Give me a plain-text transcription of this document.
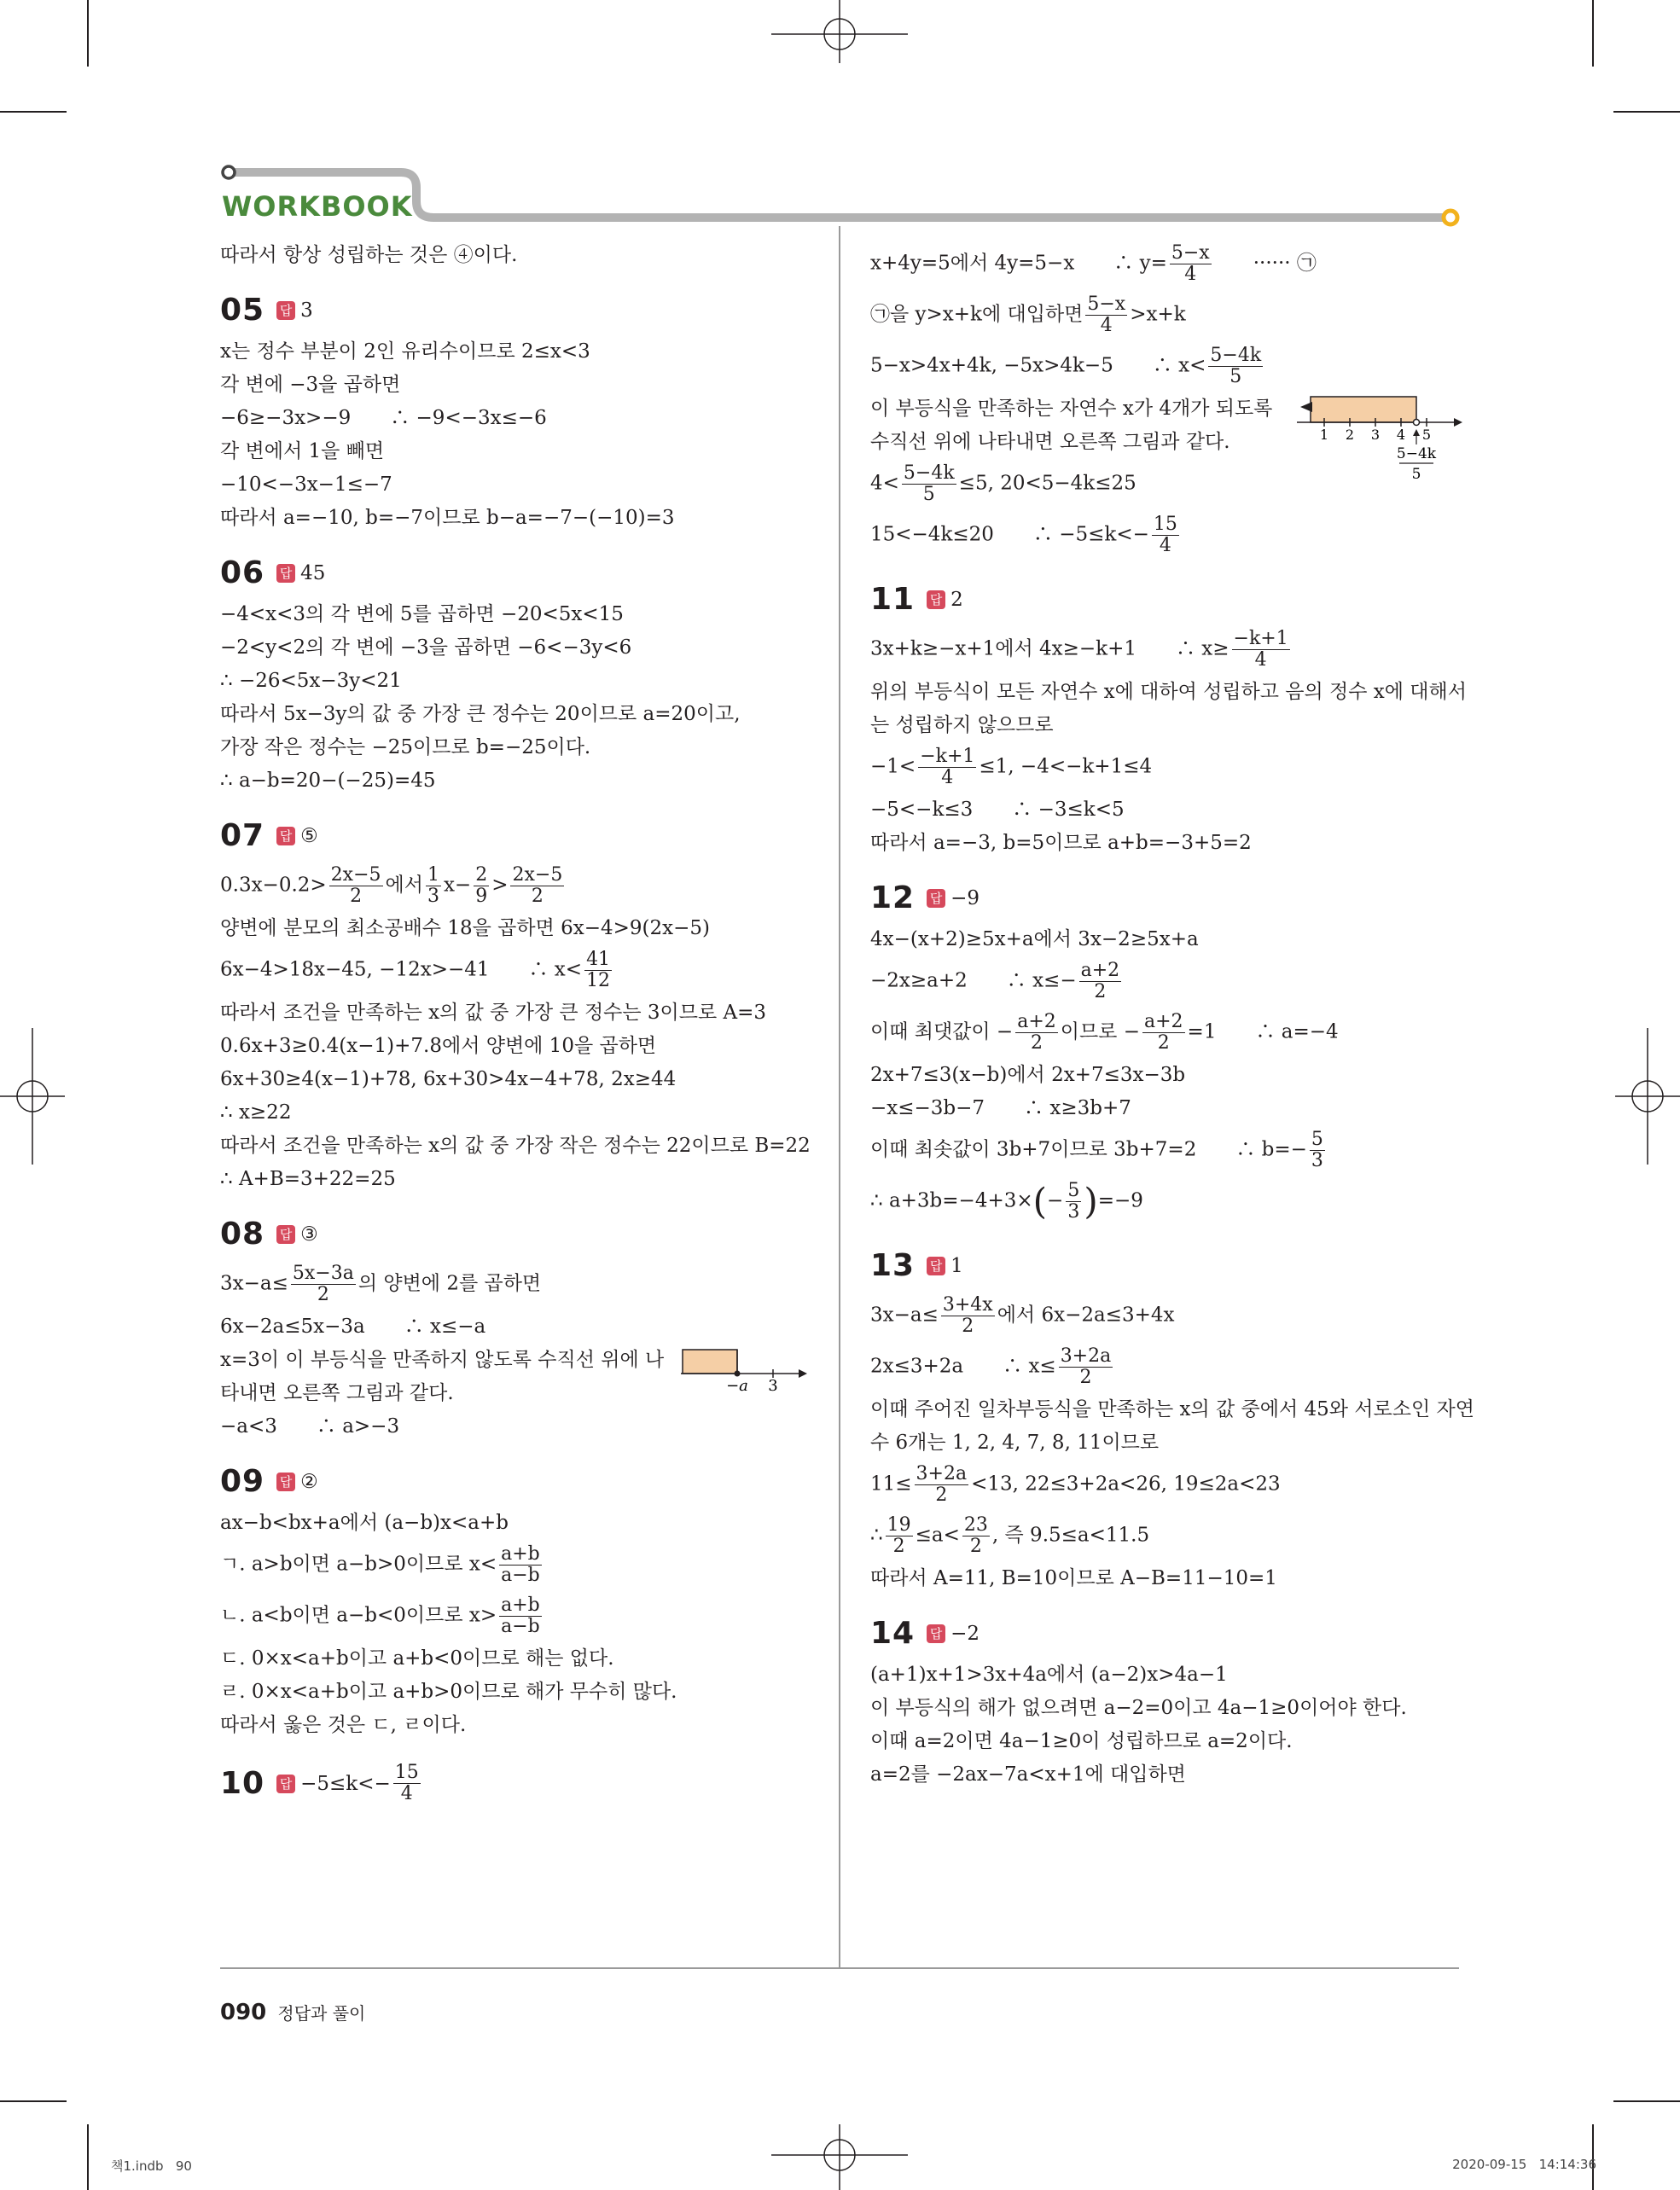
WORKBOOK
따라서 항상 성립하는 것은 ④이다.
05 답 3
x는 정수 부분이 2인 유리수이므로 2≤x<3
각 변에 −3을 곱하면
−6≥−3x>−9　　∴ −9<−3x≤−6
각 변에서 1을 빼면
−10<−3x−1≤−7
따라서 a=−10, b=−7이므로 b−a=−7−(−10)=3
06 답 45
−4<x<3의 각 변에 5를 곱하면 −20<5x<15
−2<y<2의 각 변에 −3을 곱하면 −6<−3y<6
∴ −26<5x−3y<21
따라서 5x−3y의 값 중 가장 큰 정수는 20이므로 a=20이고,
가장 작은 정수는 −25이므로 b=−25이다.
∴ a−b=20−(−25)=45
07 답 ⑤
$0.3x-0.2> \frac{2x-5}{2}$ 에서 $\frac{1}{3} x- \frac{2}{9} > \frac{2x-5}{2}$
양변에 분모의 최소공배수 18을 곱하면 6x−4>9(2x−5)
6x−4>18x−45, −12x>−41　　∴ $x< \frac{41}{12}$
따라서 조건을 만족하는 x의 값 중 가장 큰 정수는 3이므로 A=3
0.6x+3≥0.4(x−1)+7.8에서 양변에 10을 곱하면
6x+30≥4(x−1)+78, 6x+30>4x−4+78, 2x≥44
∴ x≥22
따라서 조건을 만족하는 x의 값 중 가장 작은 정수는 22이므로 B=22
∴ A+B=3+22=25
08 답 ③
$3x-a\le \frac{5x-3a}{2}$ 의 양변에 2를 곱하면
6x−2a≤5x−3a　　∴ x≤−a
x=3이 이 부등식을 만족하지 않도록 수직선 위에 나
타내면 오른쪽 그림과 같다.
−a<3　　∴ a>−3
−a 3
09 답 ②
ax−b<bx+a에서 (a−b)x<a+b
ㄱ. a>b이면 a−b>0이므로 $x< \frac{a+b}{a-b}$
ㄴ. a<b이면 a−b<0이므로 $x> \frac{a+b}{a-b}$
ㄷ. 0×x<a+b이고 a+b<0이므로 해는 없다.
ㄹ. 0×x<a+b이고 a+b>0이므로 해가 무수히 많다.
따라서 옳은 것은 ㄷ, ㄹ이다.
10 답 $-5\le k<- \frac{15}{4}$
x+4y=5에서 4y=5−x　　∴ $y= \frac{5-x}{4}$ 　　······ ㉠
㉠을 y>x+k에 대입하면 $\frac{5-x}{4} >x+k$
5−x>4x+4k, −5x>4k−5　　∴ $x< \frac{5-4k}{5}$
이 부등식을 만족하는 자연수 x가 4개가 되도록
수직선 위에 나타내면 오른쪽 그림과 같다.	1 2 3 4 5
5−4k
5
$4< \frac{5-4k}{5} \le 5$, 20<5−4k≤25
15<−4k≤20　　∴ $-5\le k<- \frac{15}{4}$
11 답 2
3x+k≥−x+1에서 4x≥−k+1　　∴ $x\ge \frac{-k+1}{4}$
위의 부등식이 모든 자연수 x에 대하여 성립하고 음의 정수 x에 대해서
는 성립하지 않으므로
$-1< \frac{-k+1}{4} \le 1$, −4<−k+1≤4
−5<−k≤3　　∴ −3≤k<5
따라서 a=−3, b=5이므로 a+b=−3+5=2
12 답 −9
4x−(x+2)≥5x+a에서 3x−2≥5x+a
−2x≥a+2　　∴ $x\le- \frac{a+2}{2}$
이때 최댓값이 − $\frac{a+2}{2}$ 이므로 − $\frac{a+2}{2} =1$　　∴ a=−4
2x+7≤3(x−b)에서 2x+7≤3x−3b
−x≤−3b−7　　∴ x≥3b+7
이때 최솟값이 3b+7이므로 3b+7=2　　∴ $b=- \frac{5}{3}$
∴ $a+3b=-4+3\times(- \frac{5}{3} )=-9$
13 답 1
$3x-a\le \frac{3+4x}{2}$ 에서 6x−2a≤3+4x
2x≤3+2a　　∴ $x\le \frac{3+2a}{2}$
이때 주어진 일차부등식을 만족하는 x의 값 중에서 45와 서로소인 자연
수 6개는 1, 2, 4, 7, 8, 11이므로
$11\le \frac{3+2a}{2} <13$, 22≤3+2a<26, 19≤2a<23
∴ $\frac{19}{2} \le a< \frac{23}{2}$ , 즉 9.5≤a<11.5
따라서 A=11, B=10이므로 A−B=11−10=1
14 답 −2
(a+1)x+1>3x+4a에서 (a−2)x>4a−1
이 부등식의 해가 없으려면 a−2=0이고 4a−1≥0이어야 한다.
이때 a=2이면 4a−1≥0이 성립하므로 a=2이다.
a=2를 −2ax−7a<x+1에 대입하면
090 정답과 풀이
책1.indb   90	2020-09-15   14:14:36
